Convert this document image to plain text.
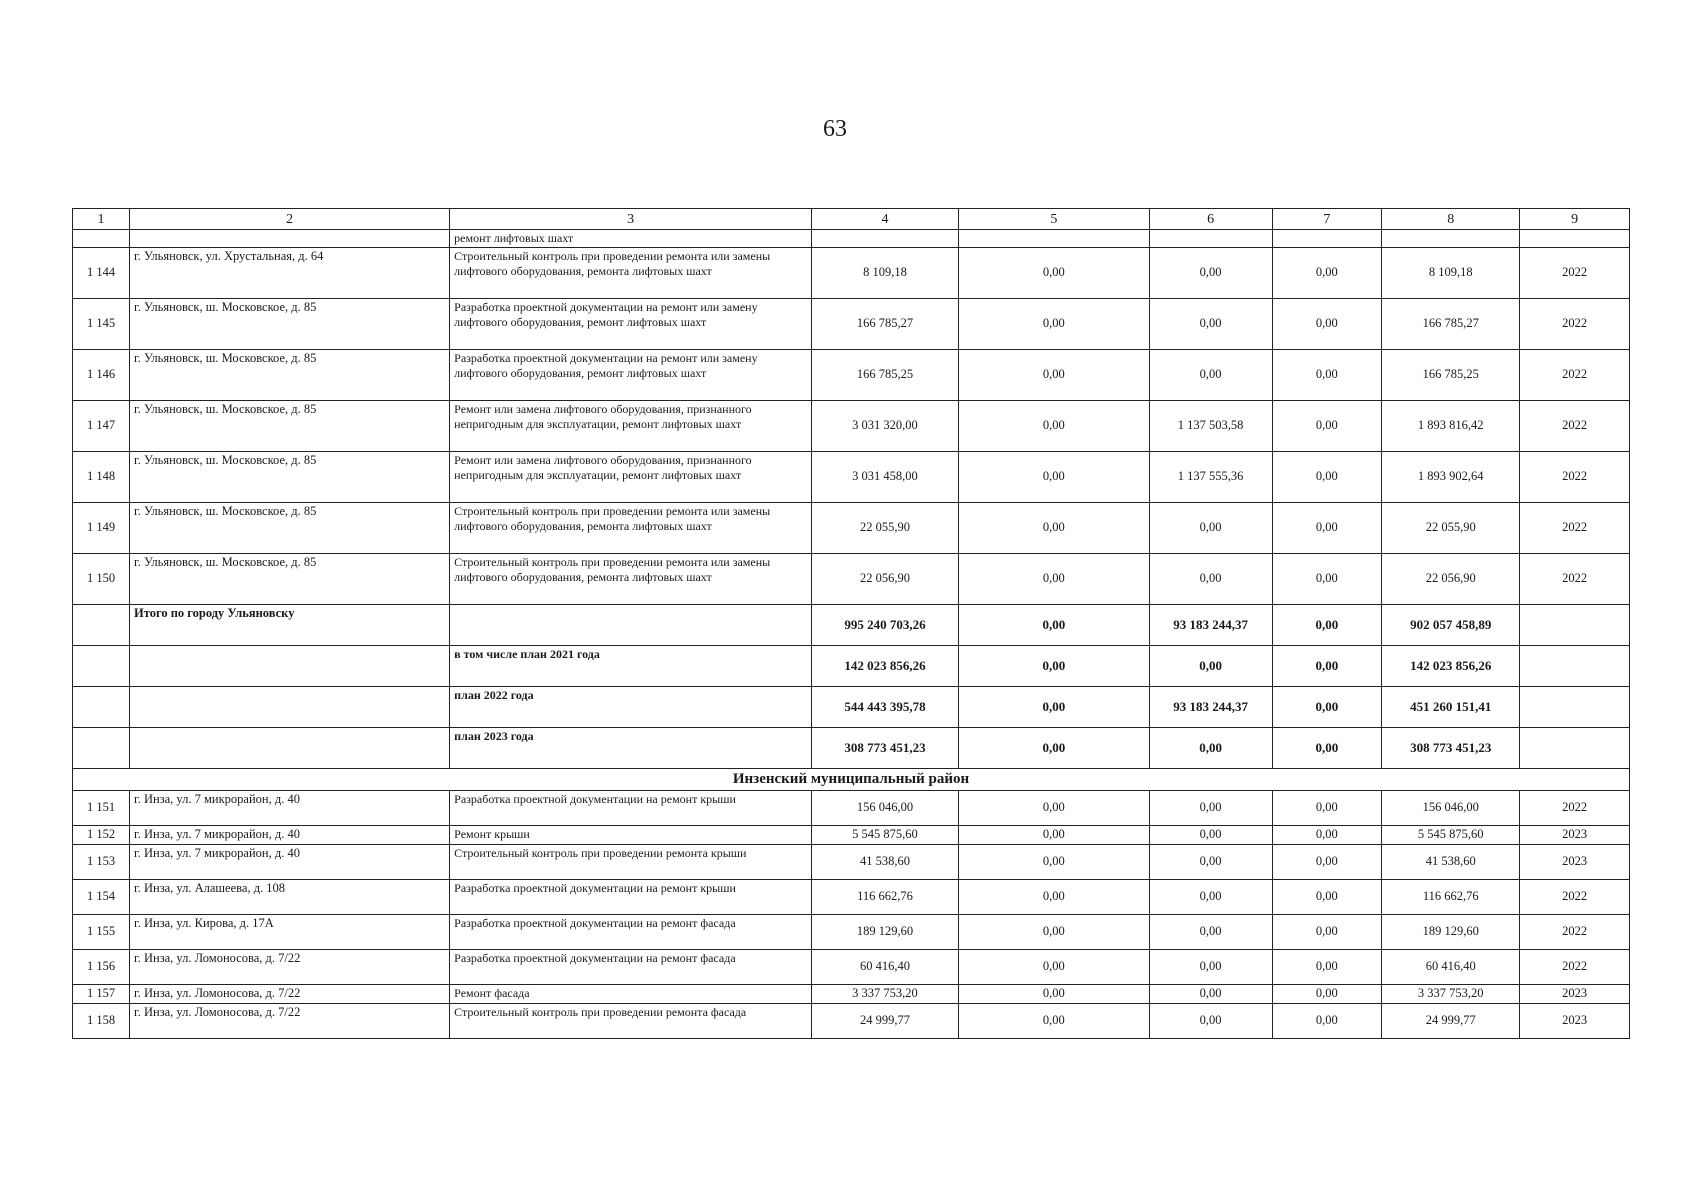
63
1	2	3	4	5	6	7	8	9
		ремонт лифтовых шахт						
1 144	г. Ульяновск, ул. Хрустальная, д. 64	Строительный контроль при проведении ремонта или замены лифтового оборудования, ремонта лифтовых шахт	8 109,18	0,00	0,00	0,00	8 109,18	2022
1 145	г. Ульяновск, ш. Московское, д. 85	Разработка проектной документации на ремонт или замену лифтового оборудования, ремонт лифтовых шахт	166 785,27	0,00	0,00	0,00	166 785,27	2022
1 146	г. Ульяновск, ш. Московское, д. 85	Разработка проектной документации на ремонт или замену лифтового оборудования, ремонт лифтовых шахт	166 785,25	0,00	0,00	0,00	166 785,25	2022
1 147	г. Ульяновск, ш. Московское, д. 85	Ремонт или замена лифтового оборудования, признанного непригодным для эксплуатации, ремонт лифтовых шахт	3 031 320,00	0,00	1 137 503,58	0,00	1 893 816,42	2022
1 148	г. Ульяновск, ш. Московское, д. 85	Ремонт или замена лифтового оборудования, признанного непригодным для эксплуатации, ремонт лифтовых шахт	3 031 458,00	0,00	1 137 555,36	0,00	1 893 902,64	2022
1 149	г. Ульяновск, ш. Московское, д. 85	Строительный контроль при проведении ремонта или замены лифтового оборудования, ремонта лифтовых шахт	22 055,90	0,00	0,00	0,00	22 055,90	2022
1 150	г. Ульяновск, ш. Московское, д. 85	Строительный контроль при проведении ремонта или замены лифтового оборудования, ремонта лифтовых шахт	22 056,90	0,00	0,00	0,00	22 056,90	2022
	Итого по городу Ульяновску		995 240 703,26	0,00	93 183 244,37	0,00	902 057 458,89	
		в том числе план 2021 года	142 023 856,26	0,00	0,00	0,00	142 023 856,26	
		план 2022 года	544 443 395,78	0,00	93 183 244,37	0,00	451 260 151,41	
		план 2023 года	308 773 451,23	0,00	0,00	0,00	308 773 451,23	
Инзенский муниципальный район								
1 151	г. Инза, ул. 7 микрорайон, д. 40	Разработка проектной документации на ремонт крыши	156 046,00	0,00	0,00	0,00	156 046,00	2022
1 152	г. Инза, ул. 7 микрорайон, д. 40	Ремонт крыши	5 545 875,60	0,00	0,00	0,00	5 545 875,60	2023
1 153	г. Инза, ул. 7 микрорайон, д. 40	Строительный контроль при проведении ремонта крыши	41 538,60	0,00	0,00	0,00	41 538,60	2023
1 154	г. Инза, ул. Алашеева, д. 108	Разработка проектной документации на ремонт крыши	116 662,76	0,00	0,00	0,00	116 662,76	2022
1 155	г. Инза, ул. Кирова, д. 17А	Разработка проектной документации на ремонт фасада	189 129,60	0,00	0,00	0,00	189 129,60	2022
1 156	г. Инза, ул. Ломоносова, д. 7/22	Разработка проектной документации на ремонт фасада	60 416,40	0,00	0,00	0,00	60 416,40	2022
1 157	г. Инза, ул. Ломоносова, д. 7/22	Ремонт фасада	3 337 753,20	0,00	0,00	0,00	3 337 753,20	2023
1 158	г. Инза, ул. Ломоносова, д. 7/22	Строительный контроль при проведении ремонта фасада	24 999,77	0,00	0,00	0,00	24 999,77	2023
